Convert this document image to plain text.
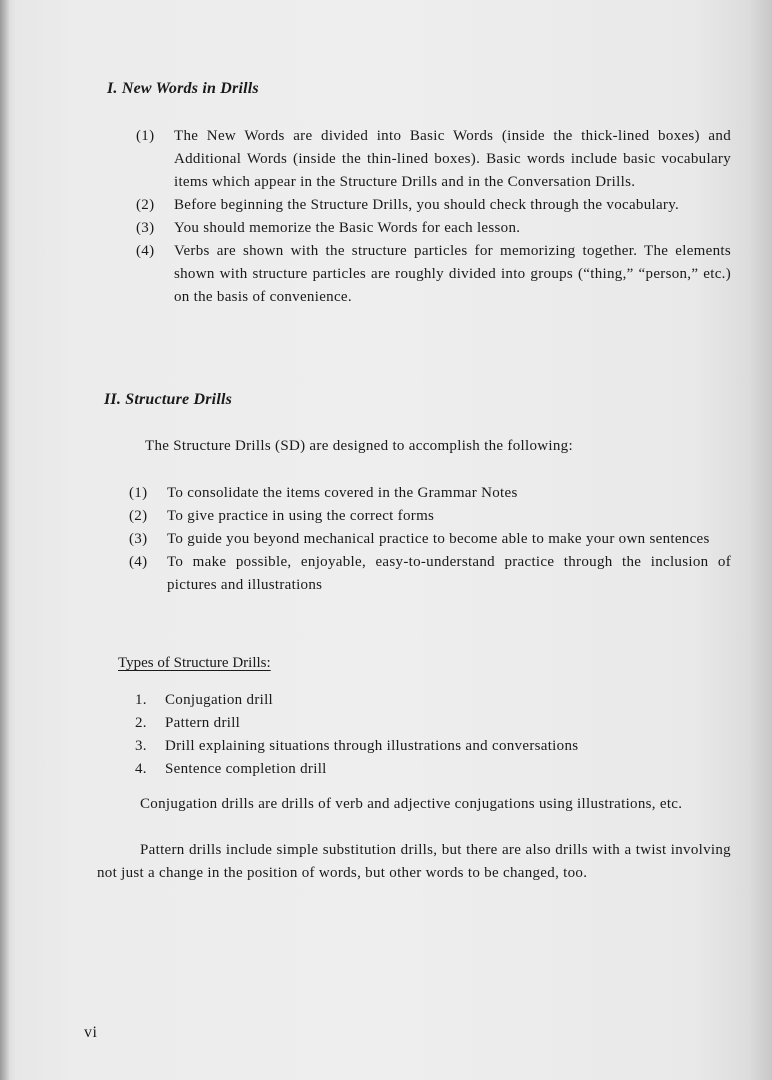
I. New Words in Drills
(1) The New Words are divided into Basic Words (inside the thick-lined boxes) and Additional Words (inside the thin-lined boxes). Basic words include basic vocabulary items which appear in the Structure Drills and in the Conversation Drills.
(2) Before beginning the Structure Drills, you should check through the vocabulary.
(3) You should memorize the Basic Words for each lesson.
(4) Verbs are shown with the structure particles for memorizing together. The elements shown with structure particles are roughly divided into groups (“thing,” “person,” etc.) on the basis of convenience.
II. Structure Drills
The Structure Drills (SD) are designed to accomplish the following:
(1) To consolidate the items covered in the Grammar Notes
(2) To give practice in using the correct forms
(3) To guide you beyond mechanical practice to become able to make your own sentences
(4) To make possible, enjoyable, easy-to-understand practice through the inclusion of pictures and illustrations
Types of Structure Drills:
1. Conjugation drill
2. Pattern drill
3. Drill explaining situations through illustrations and conversations
4. Sentence completion drill
Conjugation drills are drills of verb and adjective conjugations using illustrations, etc.
Pattern drills include simple substitution drills, but there are also drills with a twist involving not just a change in the position of words, but other words to be changed, too.
vi
